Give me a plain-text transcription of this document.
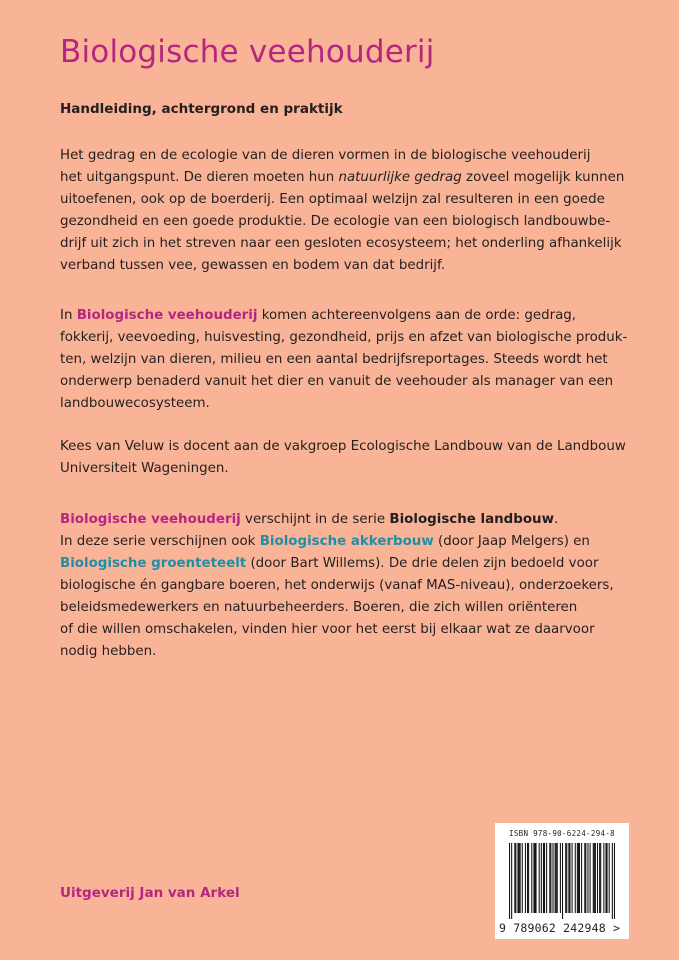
Biologische veehouderij

Handleiding, achtergrond en praktijk

Het gedrag en de ecologie van de dieren vormen in de biologische veehouderij
het uitgangspunt. De dieren moeten hun natuurlijke gedrag zoveel mogelijk kunnen
uitoefenen, ook op de boerderij. Een optimaal welzijn zal resulteren in een goede
gezondheid en een goede produktie. De ecologie van een biologisch landbouwbe-
drijf uit zich in het streven naar een gesloten ecosysteem; het onderling afhankelijk
verband tussen vee, gewassen en bodem van dat bedrijf.

In Biologische veehouderij komen achtereenvolgens aan de orde: gedrag,
fokkerij, veevoeding, huisvesting, gezondheid, prijs en afzet van biologische produk-
ten, welzijn van dieren, milieu en een aantal bedrijfsreportages. Steeds wordt het
onderwerp benaderd vanuit het dier en vanuit de veehouder als manager van een
landbouwecosysteem.

Kees van Veluw is docent aan de vakgroep Ecologische Landbouw van de Landbouw
Universiteit Wageningen.

Biologische veehouderij verschijnt in de serie Biologische landbouw.
In deze serie verschijnen ook Biologische akkerbouw (door Jaap Melgers) en
Biologische groenteteelt (door Bart Willems). De drie delen zijn bedoeld voor
biologische én gangbare boeren, het onderwijs (vanaf MAS-niveau), onderzoekers,
beleidsmedewerkers en natuurbeheerders. Boeren, die zich willen oriënteren
of die willen omschakelen, vinden hier voor het eerst bij elkaar wat ze daarvoor
nodig hebben.

Uitgeverij Jan van Arkel

ISBN 978-90-6224-294-8
9 789062 242948 >
